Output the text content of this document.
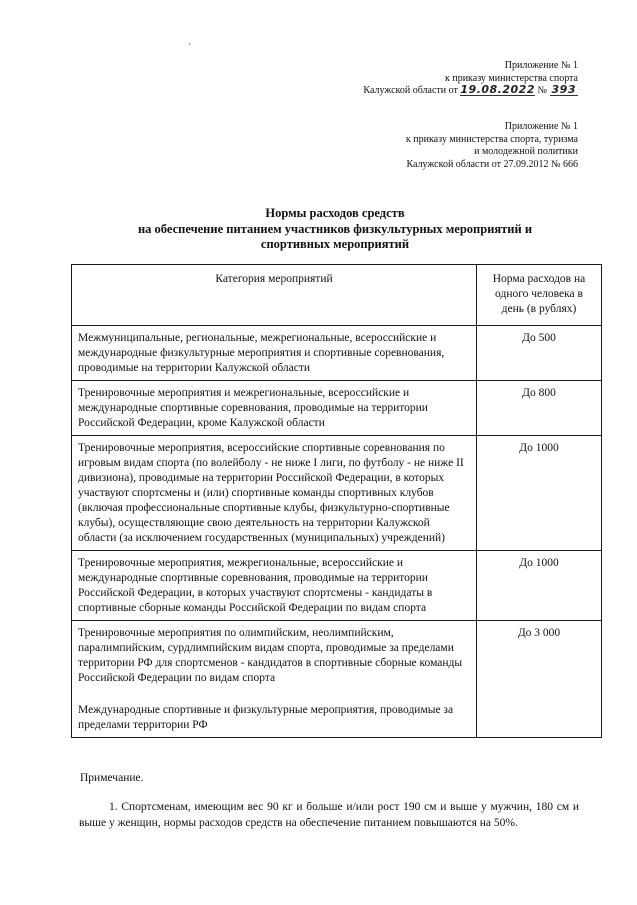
ˊ
Приложение № 1
к приказу министерства спорта
Калужской области от 19.08.2022 № 393
Приложение № 1
к приказу министерства спорта, туризма
и молодежной политики
Калужской области от 27.09.2012 № 666
Нормы расходов средств
на обеспечение питанием участников физкультурных мероприятий и
спортивных мероприятий
Категория мероприятий	Норма расходов на одного человека в день (в рублях)
Межмуниципальные, региональные, межрегиональные, всероссийские и международные физкультурные мероприятия и спортивные соревнования, проводимые на территории Калужской области	До 500
Тренировочные мероприятия и межрегиональные, всероссийские и международные спортивные соревнования, проводимые на территории Российской Федерации, кроме Калужской области	До 800
Тренировочные мероприятия, всероссийские спортивные соревнования по игровым видам спорта (по волейболу - не ниже I лиги, по футболу - не ниже II дивизиона), проводимые на территории Российской Федерации, в которых участвуют спортсмены и (или) спортивные команды спортивных клубов (включая профессиональные спортивные клубы, физкультурно-спортивные клубы), осуществляющие свою деятельность на территории Калужской области (за исключением государственных (муниципальных) учреждений)	До 1000
Тренировочные мероприятия, межрегиональные, всероссийские и международные спортивные соревнования, проводимые на территории Российской Федерации, в которых участвуют спортсмены - кандидаты в спортивные сборные команды Российской Федерации по видам спорта	До 1000

Тренировочные мероприятия по олимпийским, неолимпийским, паралимпийским, сурдлимпийским видам спорта, проводимые за пределами территории РФ для спортсменов - кандидатов в спортивные сборные команды Российской Федерации по видам спорта
Международные спортивные и физкультурные мероприятия, проводимые за пределами территории РФ	До 3 000
Примечание.
1. Спортсменам, имеющим вес 90 кг и больше и/или рост 190 см и выше у мужчин, 180 см и выше у женщин, нормы расходов средств на обеспечение питанием повышаются на 50%.
